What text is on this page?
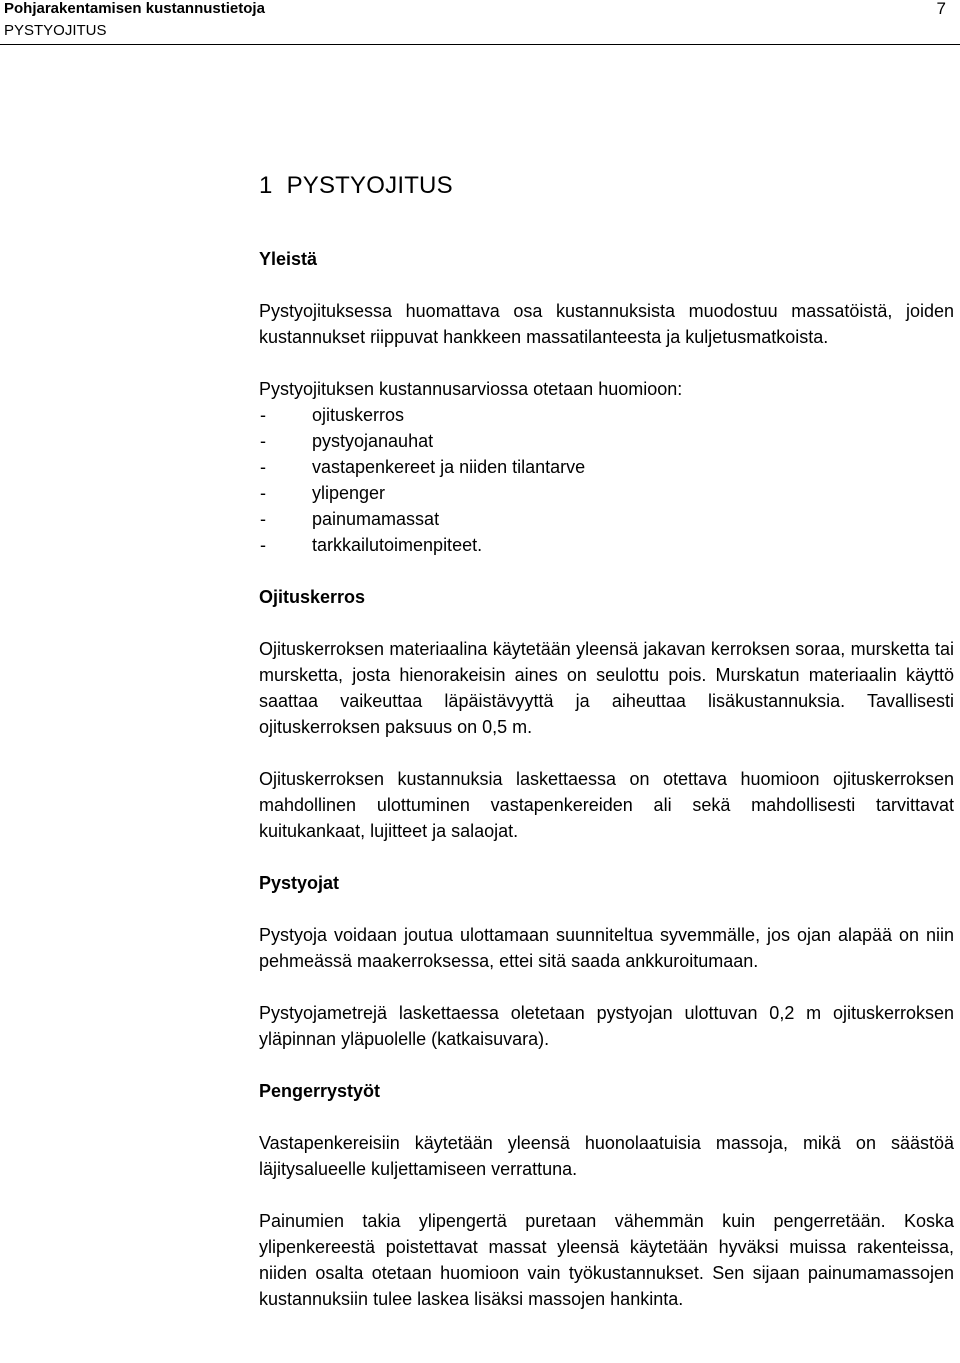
Pohjarakentamisen kustannustietoja
PYSTYOJITUS
7
1 PYSTYOJITUS
Yleistä

Pystyojituksessa huomattava osa kustannuksista muodostuu massatöistä, joiden kustannukset riippuvat hankkeen massatilanteesta ja kuljetusmatkoista.

Pystyojituksen kustannusarviossa otetaan huomioon:

-	ojituskerros
-	pystyojanauhat
-	vastapenkereet ja niiden tilantarve
-	ylipenger
-	painumamassat
-	tarkkailutoimenpiteet.
Ojituskerros

Ojituskerroksen materiaalina käytetään yleensä jakavan kerroksen soraa, mursketta tai mursketta, josta hienorakeisin aines on seulottu pois. Murskatun materiaalin käyttö saattaa vaikeuttaa läpäistävyyttä ja aiheuttaa lisäkustannuksia. Tavallisesti ojituskerroksen paksuus on 0,5 m.

Ojituskerroksen kustannuksia laskettaessa on otettava huomioon ojituskerroksen mahdollinen ulottuminen vastapenkereiden ali sekä mahdollisesti tarvittavat kuitukankaat, lujitteet ja salaojat.

Pystyojat

Pystyoja voidaan joutua ulottamaan suunniteltua syvemmälle, jos ojan alapää on niin pehmeässä maakerroksessa, ettei sitä saada ankkuroitumaan.

Pystyojametrejä laskettaessa oletetaan pystyojan ulottuvan 0,2 m ojituskerroksen yläpinnan yläpuolelle (katkaisuvara).

Pengerrystyöt

Vastapenkereisiin käytetään yleensä huonolaatuisia massoja, mikä on säästöä läjitysalueelle kuljettamiseen verrattuna.

Painumien takia ylipengertä puretaan vähemmän kuin pengerretään. Koska ylipenkereestä poistettavat massat yleensä käytetään hyväksi muissa rakenteissa, niiden osalta otetaan huomioon vain työkustannukset. Sen sijaan painumamassojen kustannuksiin tulee laskea lisäksi massojen hankinta.
